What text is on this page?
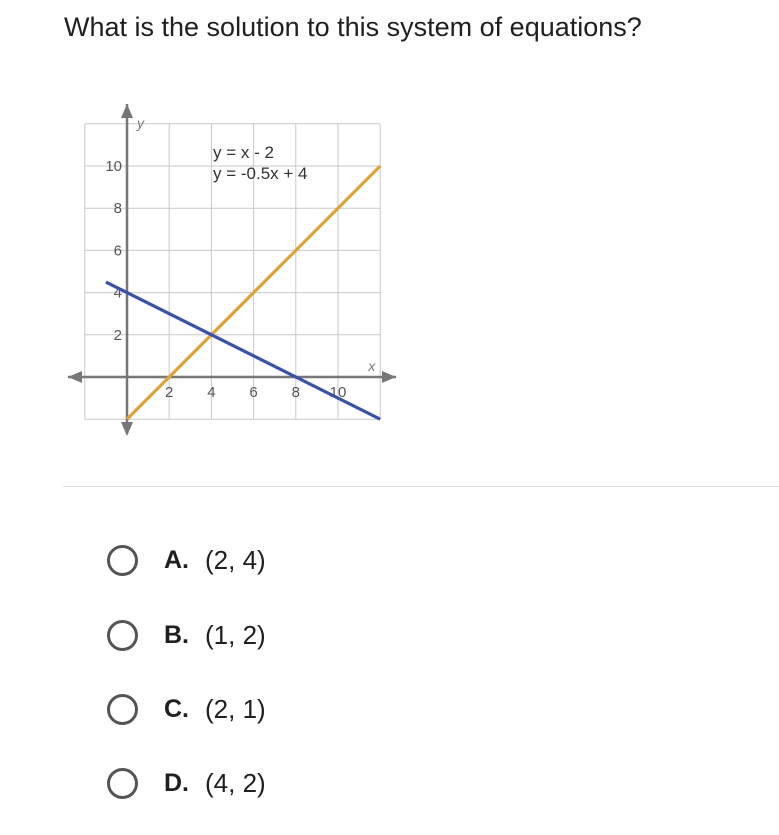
What is the solution to this system of equations?
2 4 6 8 10
2
4
6
8
10
x
y
y = x - 2
y = -0.5x + 4
A. (2, 4)
B. (1, 2)
C. (2, 1)
D. (4, 2)
